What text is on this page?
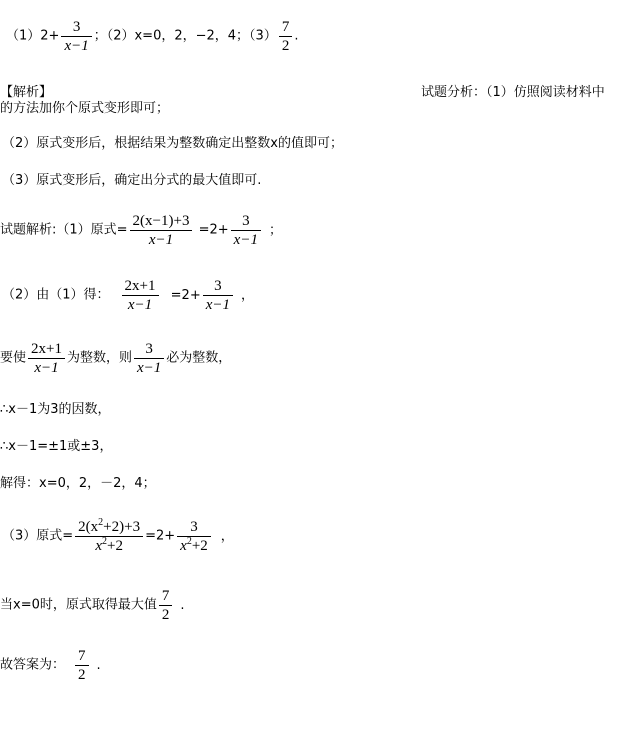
$(1)2+ \frac{3}{x-1}$ ；（2）x=0，2，−2，4；$(3) \frac{7}{2}$ .
【解析】	试题分析：（1）仿照阅读材料中
的方法加你个原式变形即可；
（2）原式变形后，根据结果为整数确定出整数x的值即可；
（3）原式变形后，确定出分式的最大值即可.
试题解析:（1）原式= $\frac{2(x-1)+3}{x-1} =2+ \frac{3}{x-1}$ ；
（2）由（1）得： $\frac{2x+1}{x-1} =2+ \frac{3}{x-1}$ ，
要使 $\frac{2x+1}{x-1}$ 为整数，则 $\frac{3}{x-1}$ 必为整数，
∴x－1为3的因数，
∴x－1=±1或±3，
解得：x=0，2，－2，4；
（3）原式= $\frac{2(x^2+2)+3}{x^2+2} =2+ \frac{3}{x^2+2}$ ，
当x=0时，原式取得最大值 $\frac{7}{2}$ .
故答案为： $\frac{7}{2}$ .
